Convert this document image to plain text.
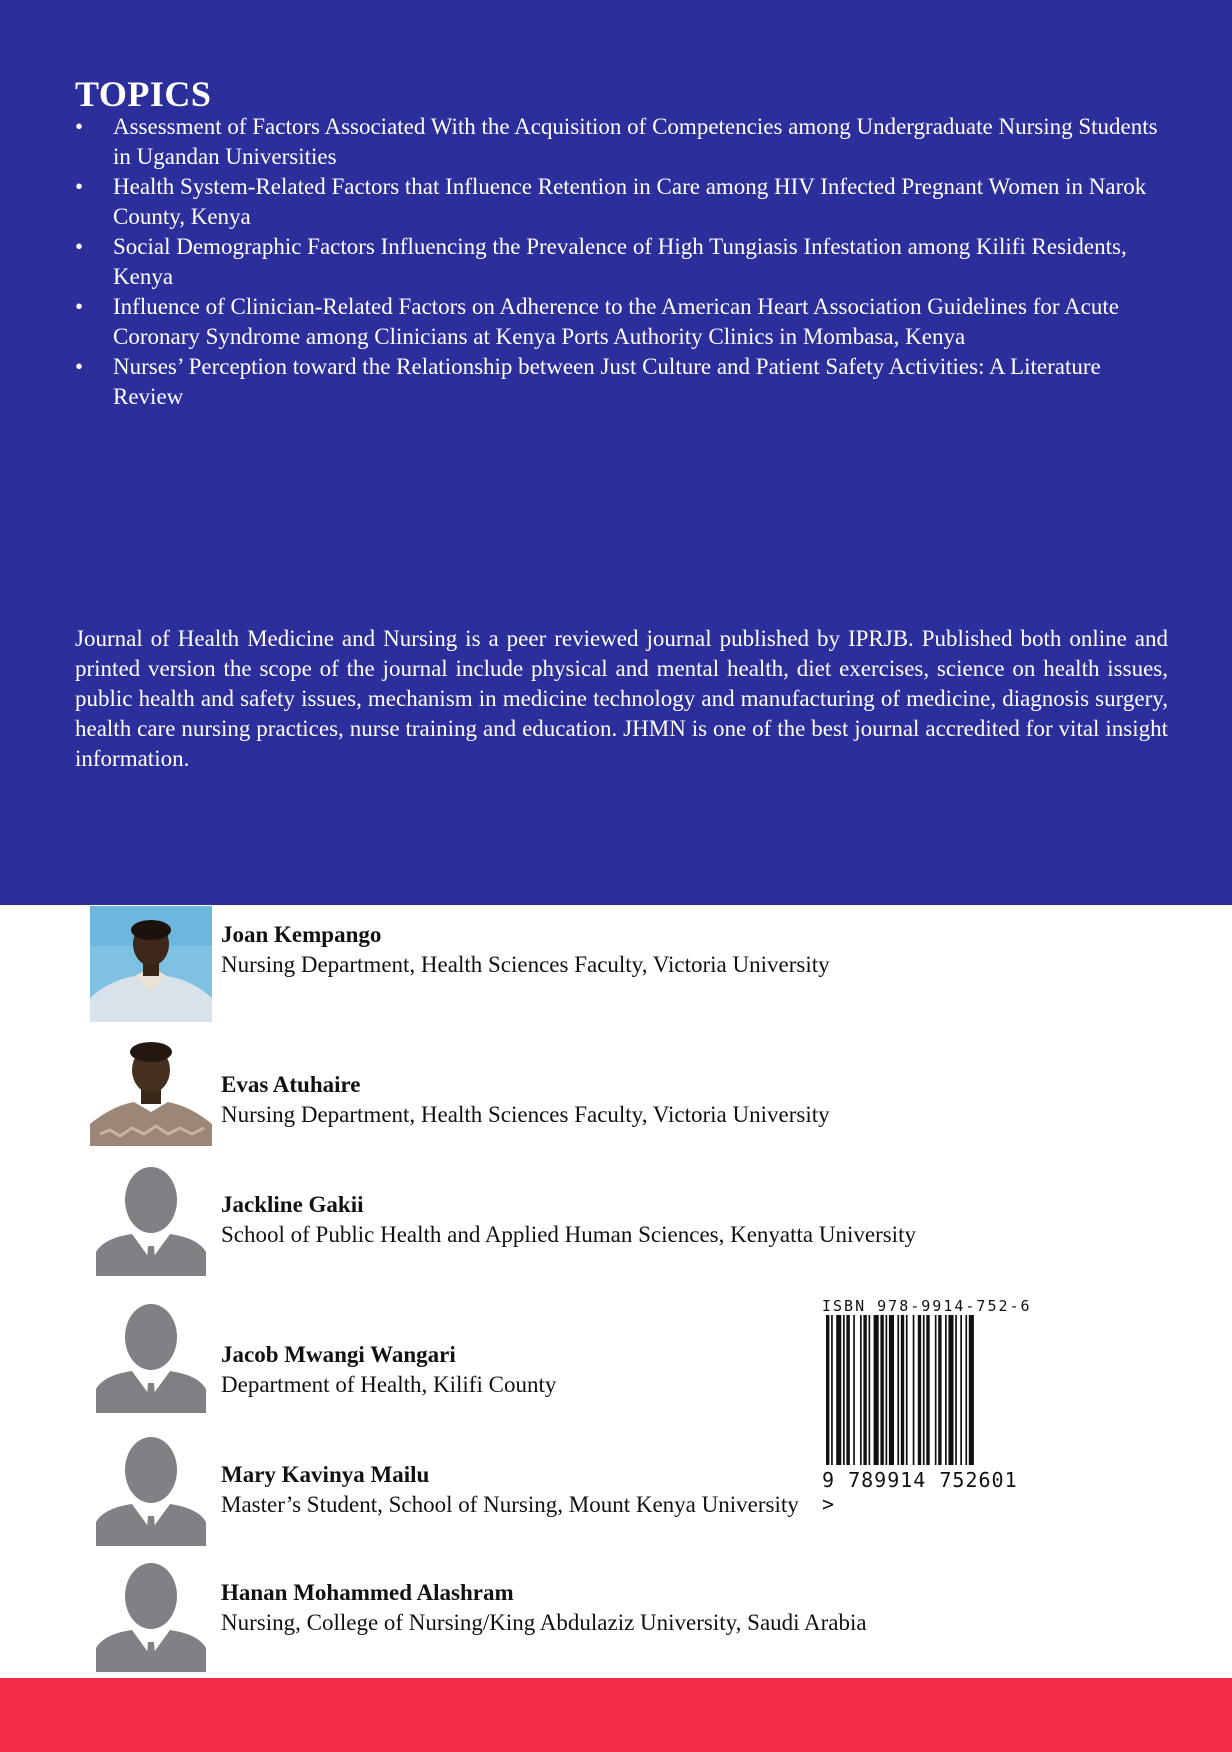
TOPICS
• Assessment of Factors Associated With the Acquisition of Competencies among Undergraduate Nursing Students in Ugandan Universities
• Health System-Related Factors that Influence Retention in Care among HIV Infected Pregnant Women in Narok County, Kenya
• Social Demographic Factors Influencing the Prevalence of High Tungiasis Infestation among Kilifi Residents, Kenya
• Influence of Clinician-Related Factors on Adherence to the American Heart Association Guidelines for Acute Coronary Syndrome among Clinicians at Kenya Ports Authority Clinics in Mombasa, Kenya
• Nurses’ Perception toward the Relationship between Just Culture and Patient Safety Activities: A Literature Review

Journal of Health Medicine and Nursing is a peer reviewed journal published by IPRJB. Published both online and printed version the scope of the journal include physical and mental health, diet exercises, science on health issues, public health and safety issues, mechanism in medicine technology and manufacturing of medicine, diagnosis surgery, health care nursing practices, nurse training and education. JHMN is one of the best journal accredited for vital insight information.

Joan Kempango
Nursing Department, Health Sciences Faculty, Victoria University
Evas Atuhaire
Nursing Department, Health Sciences Faculty, Victoria University
Jackline Gakii
School of Public Health and Applied Human Sciences, Kenyatta University
Jacob Mwangi Wangari
Department of Health, Kilifi County
Mary Kavinya Mailu
Master’s Student, School of Nursing, Mount Kenya University
Hanan Mohammed Alashram
Nursing, College of Nursing/King Abdulaziz University, Saudi Arabia
ISBN 978-9914-752-6
9 789914 752601 >
